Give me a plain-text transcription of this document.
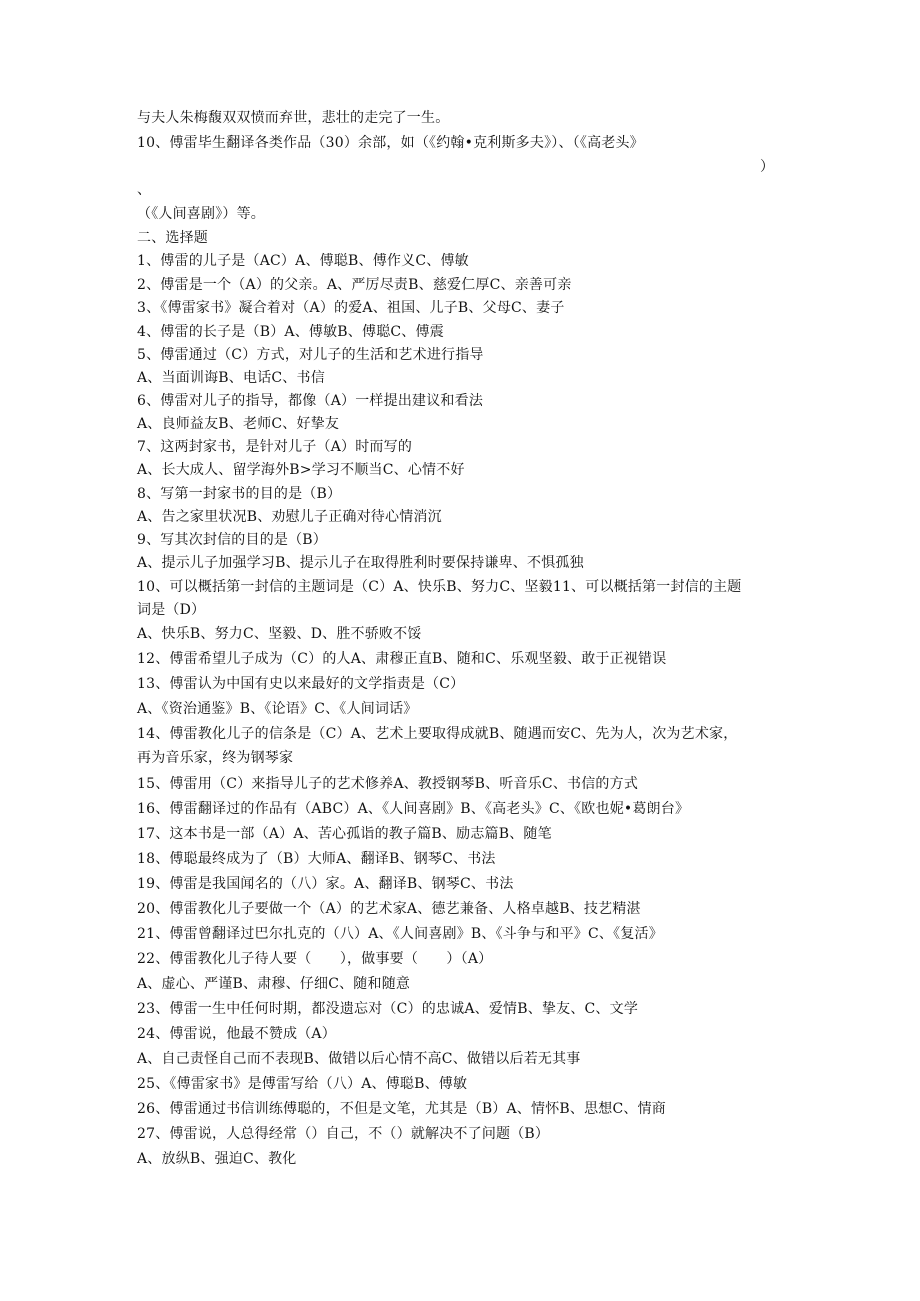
与夫人朱梅馥双双愤而弃世，悲壮的走完了一生。
10、傅雷毕生翻译各类作品（30）余部，如（《约翰•克利斯多夫》）、（《高老头》
）
、
（《人间喜剧》）等。
二、选择题
1、傅雷的儿子是（AC）A、傅聪B、傅作义C、傅敏
2、傅雷是一个（A）的父亲。A、严厉尽责B、慈爱仁厚C、亲善可亲
3、《傅雷家书》凝合着对（A）的爱A、祖国、儿子B、父母C、妻子
4、傅雷的长子是（B）A、傅敏B、傅聪C、傅震
5、傅雷通过（C）方式，对儿子的生活和艺术进行指导
A、当面训诲B、电话C、书信
6、傅雷对儿子的指导，都像（A）一样提出建议和看法
A、良师益友B、老师C、好挚友
7、这两封家书，是针对儿子（A）时而写的
A、长大成人、留学海外B>学习不顺当C、心情不好
8、写第一封家书的目的是（B）
A、告之家里状况B、劝慰儿子正确对待心情消沉
9、写其次封信的目的是（B）
A、提示儿子加强学习B、提示儿子在取得胜利时要保持谦卑、不惧孤独
10、可以概括第一封信的主题词是（C）A、快乐B、努力C、坚毅11、可以概括第一封信的主题
词是（D）
A、快乐B、努力C、坚毅、D、胜不骄败不馁
12、傅雷希望儿子成为（C）的人A、肃穆正直B、随和C、乐观坚毅、敢于正视错误
13、傅雷认为中国有史以来最好的文学指责是（C）
A、《资治通鉴》B、《论语》C、《人间词话》
14、傅雷教化儿子的信条是（C）A、艺术上要取得成就B、随遇而安C、先为人，次为艺术家，
再为音乐家，终为钢琴家
15、傅雷用（C）来指导儿子的艺术修养A、教授钢琴B、听音乐C、书信的方式
16、傅雷翻译过的作品有（ABC）A、《人间喜剧》B、《高老头》C、《欧也妮•葛朗台》
17、这本书是一部（A）A、苦心孤诣的教子篇B、励志篇B、随笔
18、傅聪最终成为了（B）大师A、翻译B、钢琴C、书法
19、傅雷是我国闻名的（八）家。A、翻译B、钢琴C、书法
20、傅雷教化儿子要做一个（A）的艺术家A、德艺兼备、人格卓越B、技艺精湛
21、傅雷曾翻译过巴尔扎克的（八）A、《人间喜剧》B、《斗争与和平》C、《复活》
22、傅雷教化儿子待人要（　　），做事要（　　）（A）
A、虚心、严谨B、肃穆、仔细C、随和随意
23、傅雷一生中任何时期，都没遗忘对（C）的忠诚A、爱情B、挚友、C、文学
24、傅雷说，他最不赞成（A）
A、自己责怪自己而不表现B、做错以后心情不高C、做错以后若无其事
25、《傅雷家书》是傅雷写给（八）A、傅聪B、傅敏
26、傅雷通过书信训练傅聪的，不但是文笔，尤其是（B）A、情怀B、思想C、情商
27、傅雷说，人总得经常（）自己，不（）就解决不了问题（B）
A、放纵B、强迫C、教化
